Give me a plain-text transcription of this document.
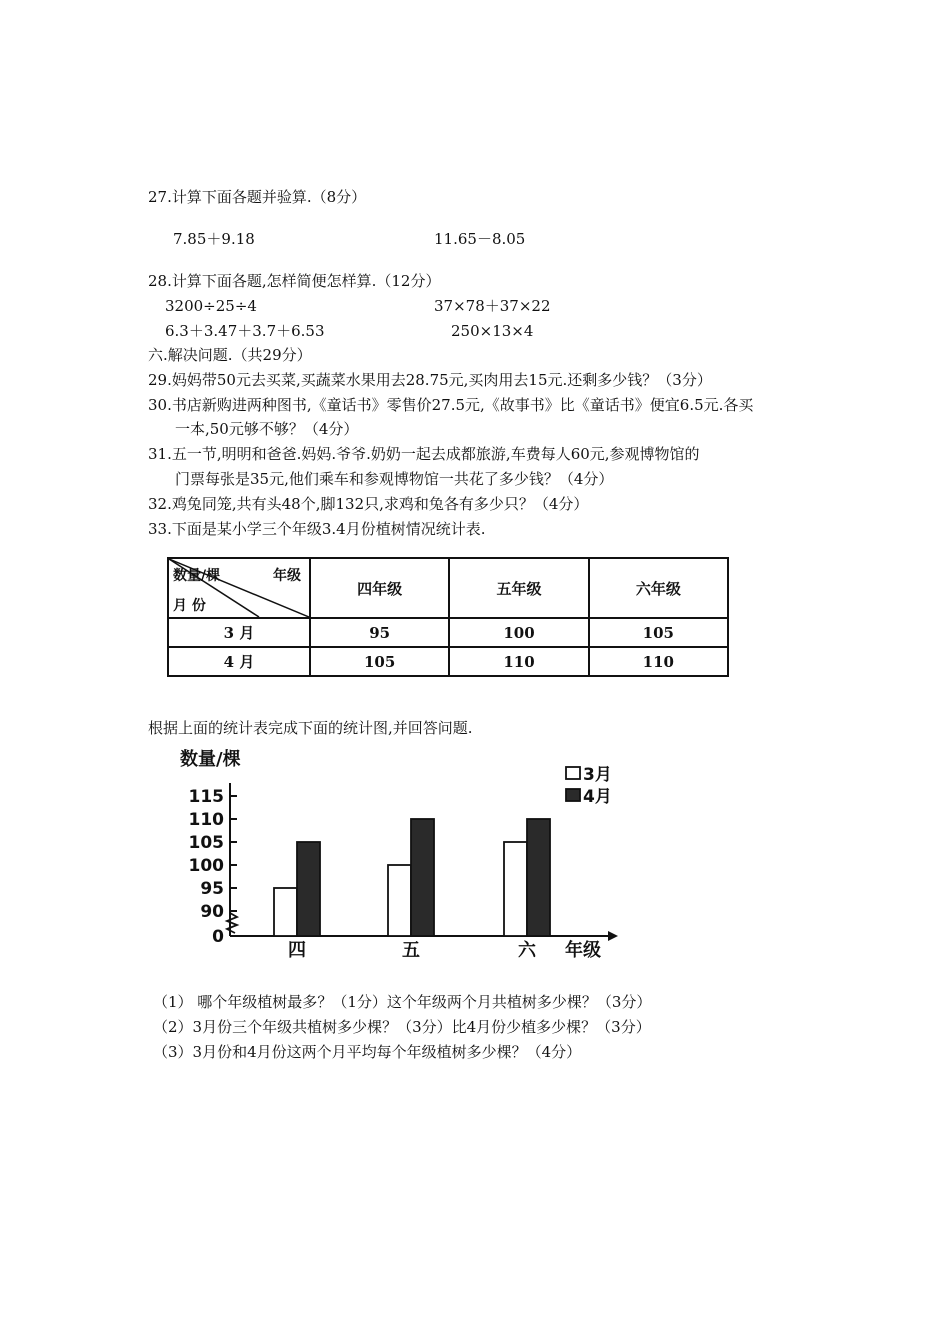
27.计算下面各题并验算.（8分）
7.85＋9.18	11.65－8.05
28.计算下面各题,怎样简便怎样算.（12分）
3200÷25÷4	37×78＋37×22
6.3＋3.47＋3.7＋6.53	250×13×4
六.解决问题.（共29分）
29.妈妈带50元去买菜,买蔬菜水果用去28.75元,买肉用去15元.还剩多少钱？（3分）
30.书店新购进两种图书,《童话书》零售价27.5元,《故事书》比《童话书》便宜6.5元.各买
一本,50元够不够？（4分）
31.五一节,明明和爸爸.妈妈.爷爷.奶奶一起去成都旅游,车费每人60元,参观博物馆的
门票每张是35元,他们乘车和参观博物馆一共花了多少钱？（4分）
32.鸡兔同笼,共有头48个,脚132只,求鸡和兔各有多少只？（4分）
33.下面是某小学三个年级3.4月份植树情况统计表.
年级
数量/棵
月 份	四年级	五年级	六年级
3 月	95	100	105
4 月	105	110	110
根据上面的统计表完成下面的统计图,并回答问题.
数量/棵
0
90
95
100
105
110
115
四	五	六 年级
3月
4月
（1） 哪个年级植树最多？（1分）这个年级两个月共植树多少棵？（3分）
（2）3月份三个年级共植树多少棵？（3分）比4月份少植多少棵？（3分）
（3）3月份和4月份这两个月平均每个年级植树多少棵？（4分）
